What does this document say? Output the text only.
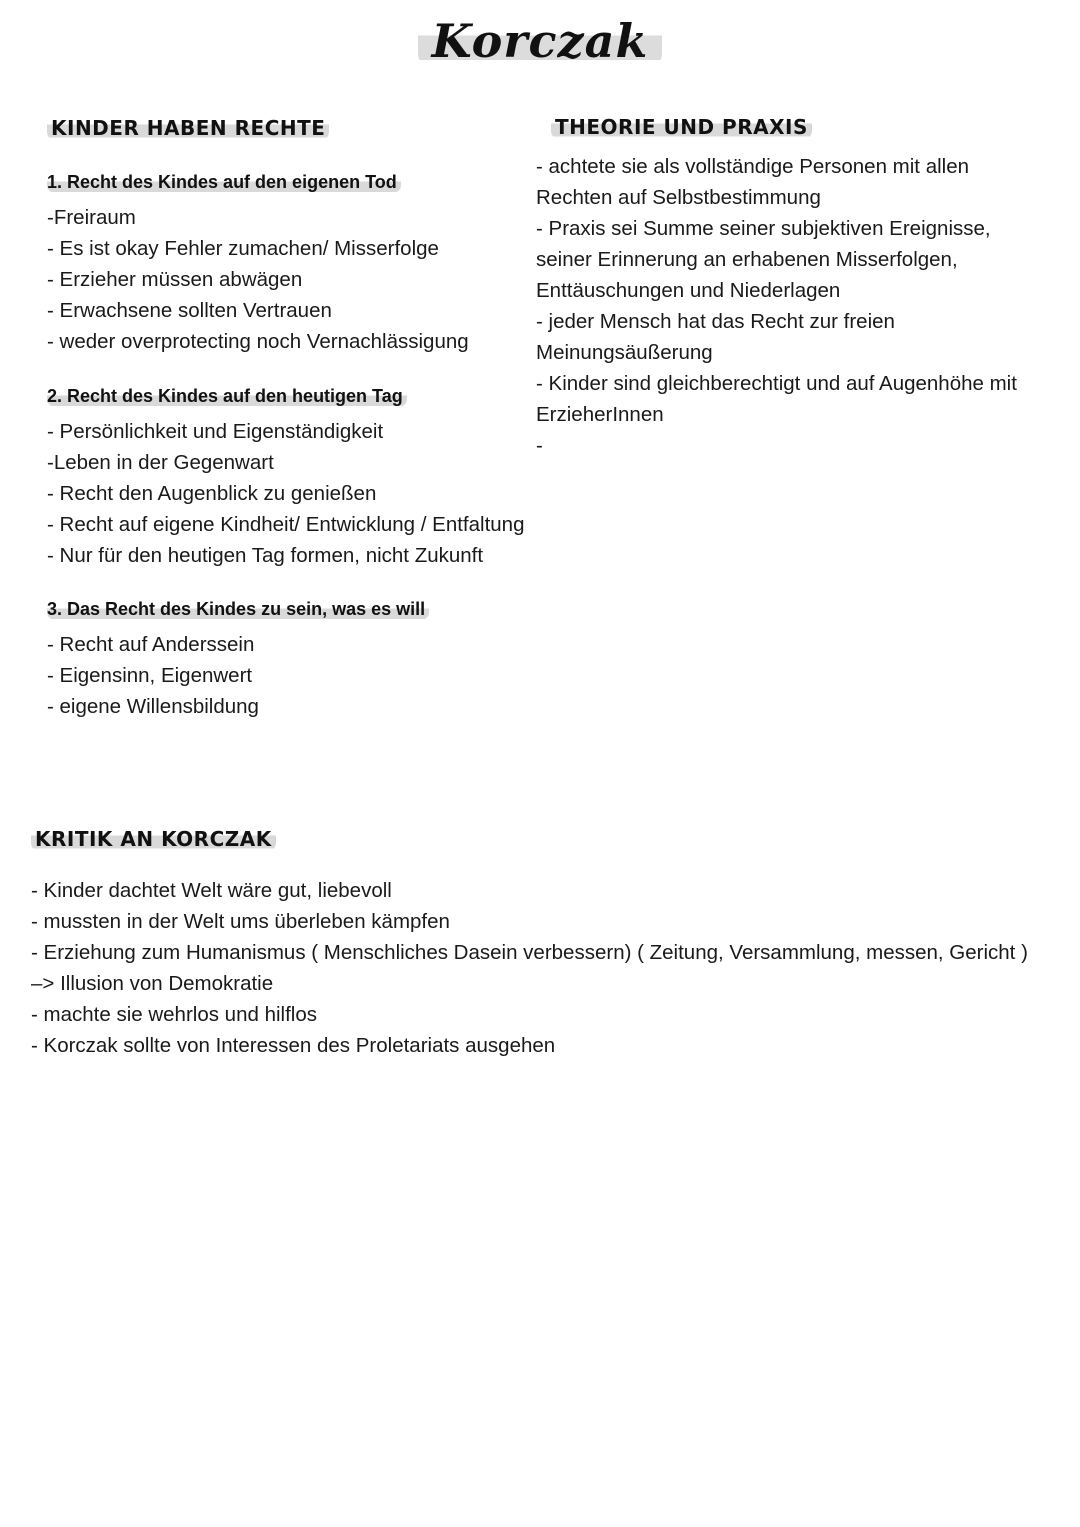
Korczak
KINDER HABEN RECHTE
1. Recht des Kindes auf den eigenen Tod
-Freiraum
- Es ist okay Fehler zumachen/ Misserfolge
- Erzieher müssen abwägen
- Erwachsene sollten Vertrauen
- weder overprotecting noch Vernachlässigung
2. Recht des Kindes auf den heutigen Tag
- Persönlichkeit und Eigenständigkeit
-Leben in der Gegenwart
- Recht den Augenblick zu genießen
- Recht auf eigene Kindheit/ Entwicklung / Entfaltung
- Nur für den heutigen Tag formen, nicht Zukunft
3. Das Recht des Kindes zu sein, was es will
- Recht auf Anderssein
- Eigensinn, Eigenwert
- eigene Willensbildung
THEORIE UND PRAXIS

- achtete sie als vollständige Personen mit allen Rechten auf Selbstbestimmung

- Praxis sei Summe seiner subjektiven Ereignisse, seiner Erinnerung an erhabenen Misserfolgen, Enttäuschungen und Niederlagen

- jeder Mensch hat das Recht zur freien Meinungsäußerung

- Kinder sind gleichberechtigt und auf Augenhöhe mit ErzieherInnen

-

KRITIK AN KORCZAK
- Kinder dachtet Welt wäre gut, liebevoll
- mussten in der Welt ums überleben kämpfen
- Erziehung zum Humanismus ( Menschliches Dasein verbessern) ( Zeitung, Versammlung, messen, Gericht )
–> Illusion von Demokratie
- machte sie wehrlos und hilflos
- Korczak sollte von Interessen des Proletariats ausgehen
